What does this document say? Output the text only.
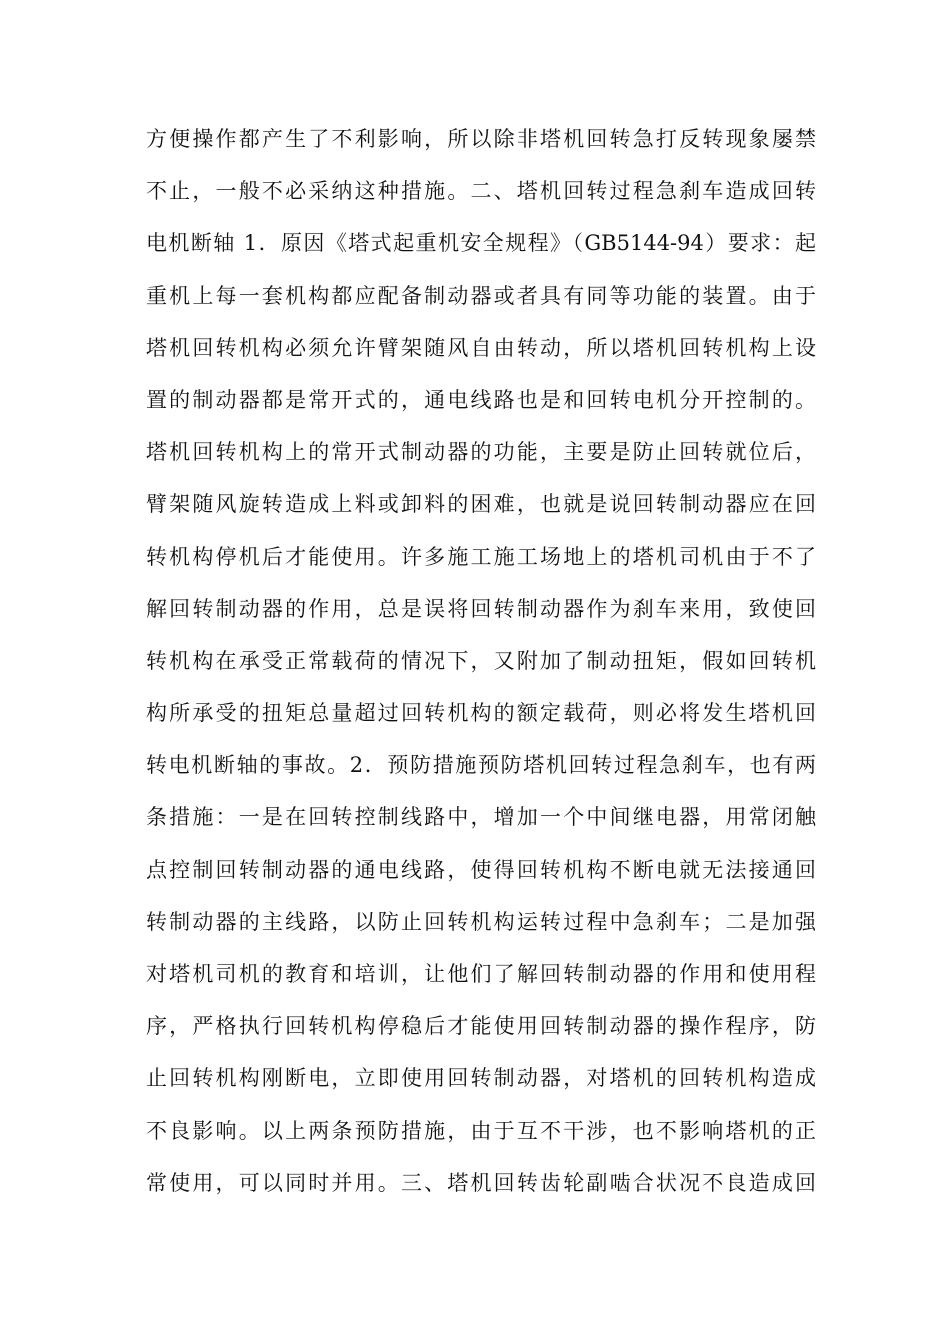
方便操作都产生了不利影响，所以除非塔机回转急打反转现象屡禁
不止，一般不必采纳这种措施。二、塔机回转过程急刹车造成回转
电机断轴 1．原因《塔式起重机安全规程》（GB5144-94）要求：起
重机上每一套机构都应配备制动器或者具有同等功能的装置。由于
塔机回转机构必须允许臂架随风自由转动，所以塔机回转机构上设
置的制动器都是常开式的，通电线路也是和回转电机分开控制的。
塔机回转机构上的常开式制动器的功能，主要是防止回转就位后，
臂架随风旋转造成上料或卸料的困难，也就是说回转制动器应在回
转机构停机后才能使用。许多施工施工场地上的塔机司机由于不了
解回转制动器的作用，总是误将回转制动器作为刹车来用，致使回
转机构在承受正常载荷的情况下，又附加了制动扭矩，假如回转机
构所承受的扭矩总量超过回转机构的额定载荷，则必将发生塔机回
转电机断轴的事故。2．预防措施预防塔机回转过程急刹车，也有两
条措施：一是在回转控制线路中，增加一个中间继电器，用常闭触
点控制回转制动器的通电线路，使得回转机构不断电就无法接通回
转制动器的主线路，以防止回转机构运转过程中急刹车；二是加强
对塔机司机的教育和培训，让他们了解回转制动器的作用和使用程
序，严格执行回转机构停稳后才能使用回转制动器的操作程序，防
止回转机构刚断电，立即使用回转制动器，对塔机的回转机构造成
不良影响。以上两条预防措施，由于互不干涉，也不影响塔机的正
常使用，可以同时并用。三、塔机回转齿轮副啮合状况不良造成回
